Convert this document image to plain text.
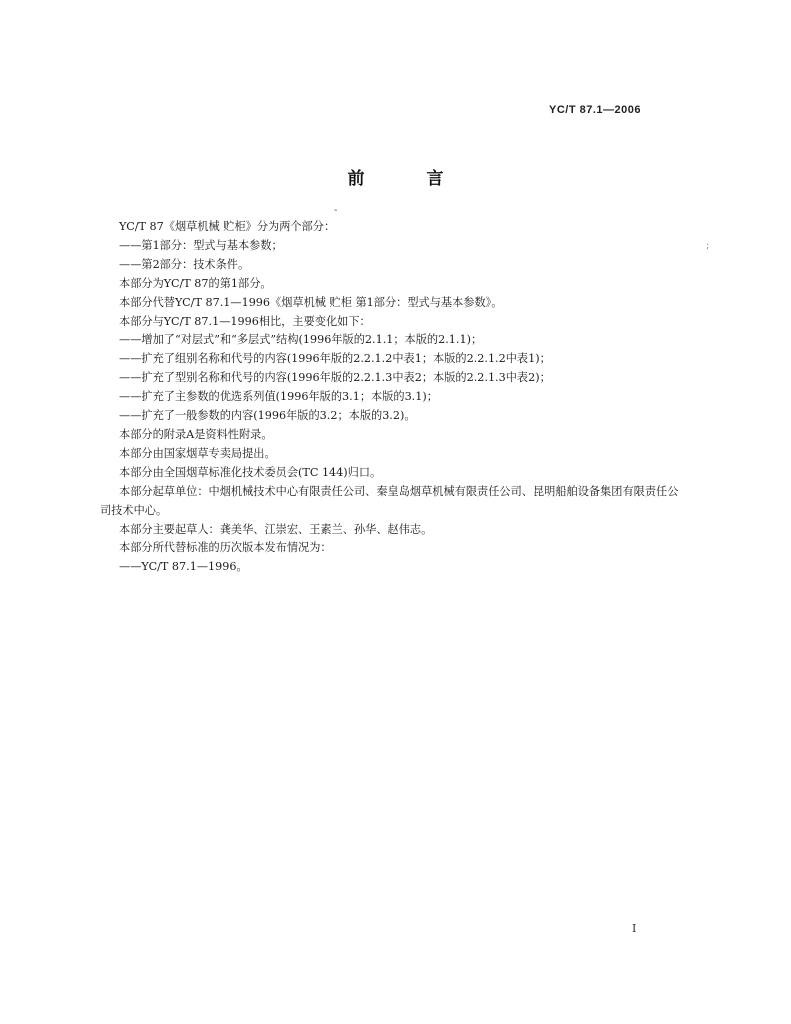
YC/T 87.1—2006
前 言
-
;

YC/T 87《烟草机械 贮柜》分为两个部分：

——第1部分：型式与基本参数；

——第2部分：技术条件。

本部分为YC/T 87的第1部分。

本部分代替YC/T 87.1—1996《烟草机械 贮柜 第1部分：型式与基本参数》。

本部分与YC/T 87.1—1996相比，主要变化如下：

——增加了“对层式”和“多层式”结构(1996年版的2.1.1；本版的2.1.1)；

——扩充了组别名称和代号的内容(1996年版的2.2.1.2中表1；本版的2.2.1.2中表1)；

——扩充了型别名称和代号的内容(1996年版的2.2.1.3中表2；本版的2.2.1.3中表2)；

——扩充了主参数的优选系列值(1996年版的3.1；本版的3.1)；

——扩充了一般参数的内容(1996年版的3.2；本版的3.2)。

本部分的附录A是资料性附录。

本部分由国家烟草专卖局提出。

本部分由全国烟草标准化技术委员会(TC 144)归口。

本部分起草单位：中烟机械技术中心有限责任公司、秦皇岛烟草机械有限责任公司、昆明船舶设备集团有限责任公司技术中心。

本部分主要起草人：龚美华、江崇宏、王素兰、孙华、赵伟志。

本部分所代替标准的历次版本发布情况为：

——YC/T 87.1—1996。

I
